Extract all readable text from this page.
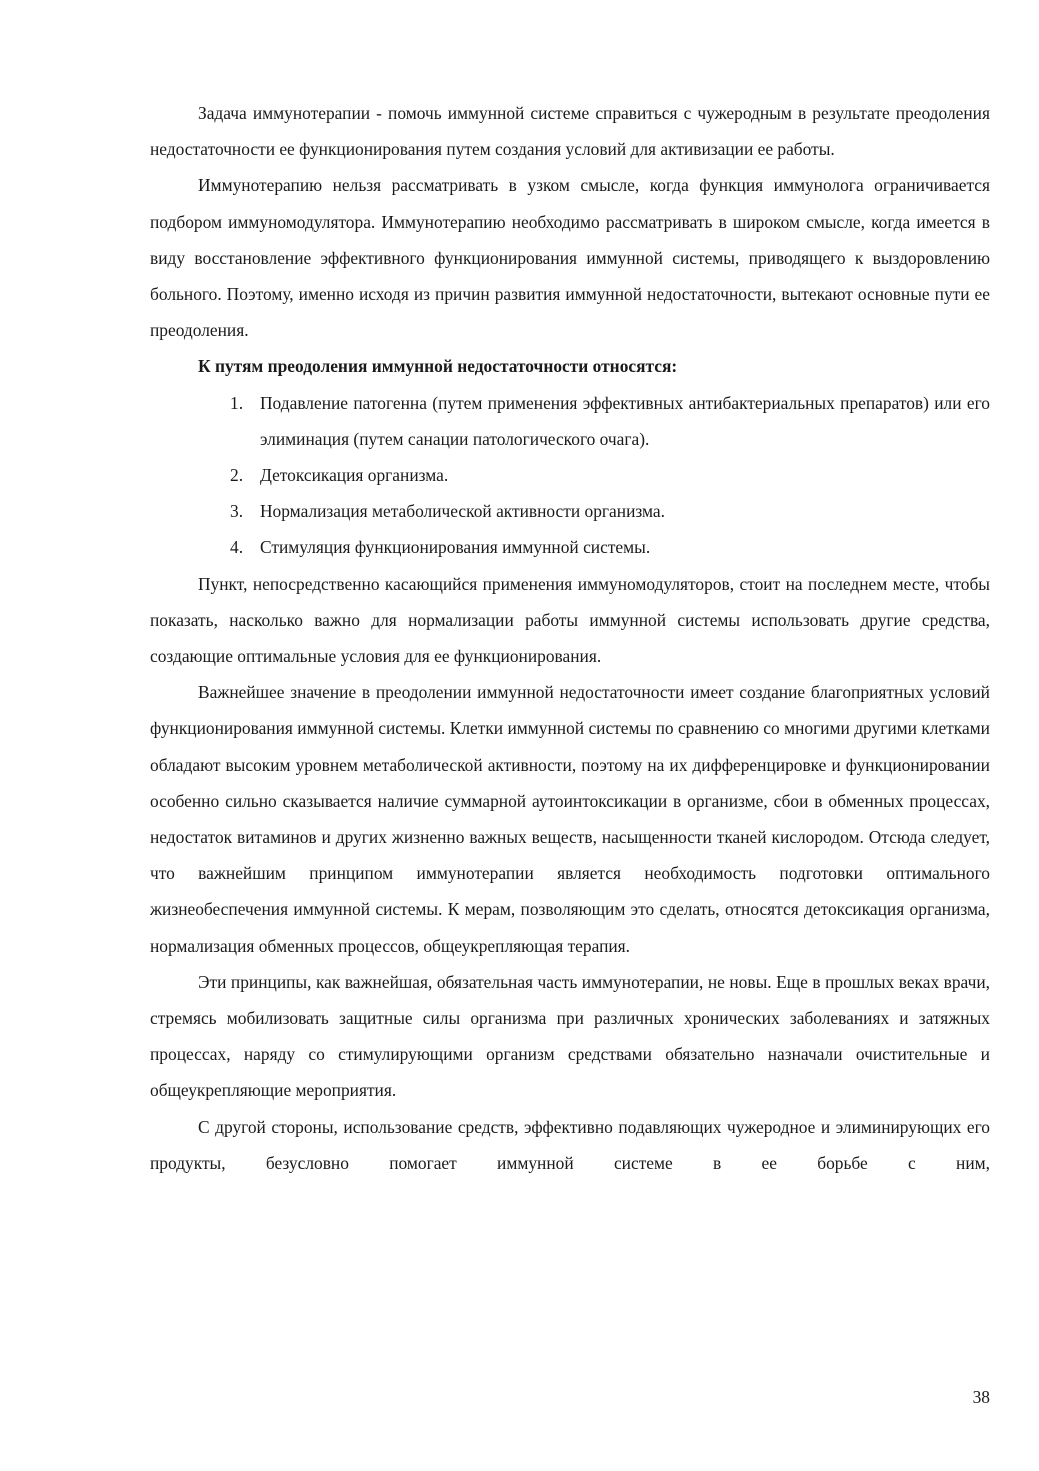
Задача иммунотерапии - помочь иммунной системе справиться с чужеродным в результате преодоления недостаточности ее функционирования путем создания условий для активизации ее работы.

Иммунотерапию нельзя рассматривать в узком смысле, когда функция иммунолога ограничивается подбором иммуномодулятора. Иммунотерапию необходимо рассматривать в широком смысле, когда имеется в виду восстановление эффективного функционирования иммунной системы, приводящего к выздоровлению больного. Поэтому, именно исходя из причин развития иммунной недостаточности, вытекают основные пути ее преодоления.

К путям преодоления иммунной недостаточности относятся:

1. Подавление патогенна (путем применения эффективных антибактериальных препаратов) или его элиминация (путем санации патологического очага).
2. Детоксикация организма.
3. Нормализация метаболической активности организма.
4. Стимуляция функционирования иммунной системы.

Пункт, непосредственно касающийся применения иммуномодуляторов, стоит на последнем месте, чтобы показать, насколько важно для нормализации работы иммунной системы использовать другие средства, создающие оптимальные условия для ее функционирования.

Важнейшее значение в преодолении иммунной недостаточности имеет создание благоприятных условий функционирования иммунной системы. Клетки иммунной системы по сравнению со многими другими клетками обладают высоким уровнем метаболической активности, поэтому на их дифференцировке и функционировании особенно сильно сказывается наличие суммарной аутоинтоксикации в организме, сбои в обменных процессах, недостаток витаминов и других жизненно важных веществ, насыщенности тканей кислородом. Отсюда следует, что важнейшим принципом иммунотерапии является необходимость подготовки оптимального жизнеобеспечения иммунной системы. К мерам, позволяющим это сделать, относятся детоксикация организма, нормализация обменных процессов, общеукрепляющая терапия.

Эти принципы, как важнейшая, обязательная часть иммунотерапии, не новы. Еще в прошлых веках врачи, стремясь мобилизовать защитные силы организма при различных хронических заболеваниях и затяжных процессах, наряду со стимулирующими организм средствами обязательно назначали очистительные и общеукрепляющие мероприятия.

С другой стороны, использование средств, эффективно подавляющих чужеродное и элиминирующих его продукты, безусловно помогает иммунной системе в ее борьбе с ним,

38
